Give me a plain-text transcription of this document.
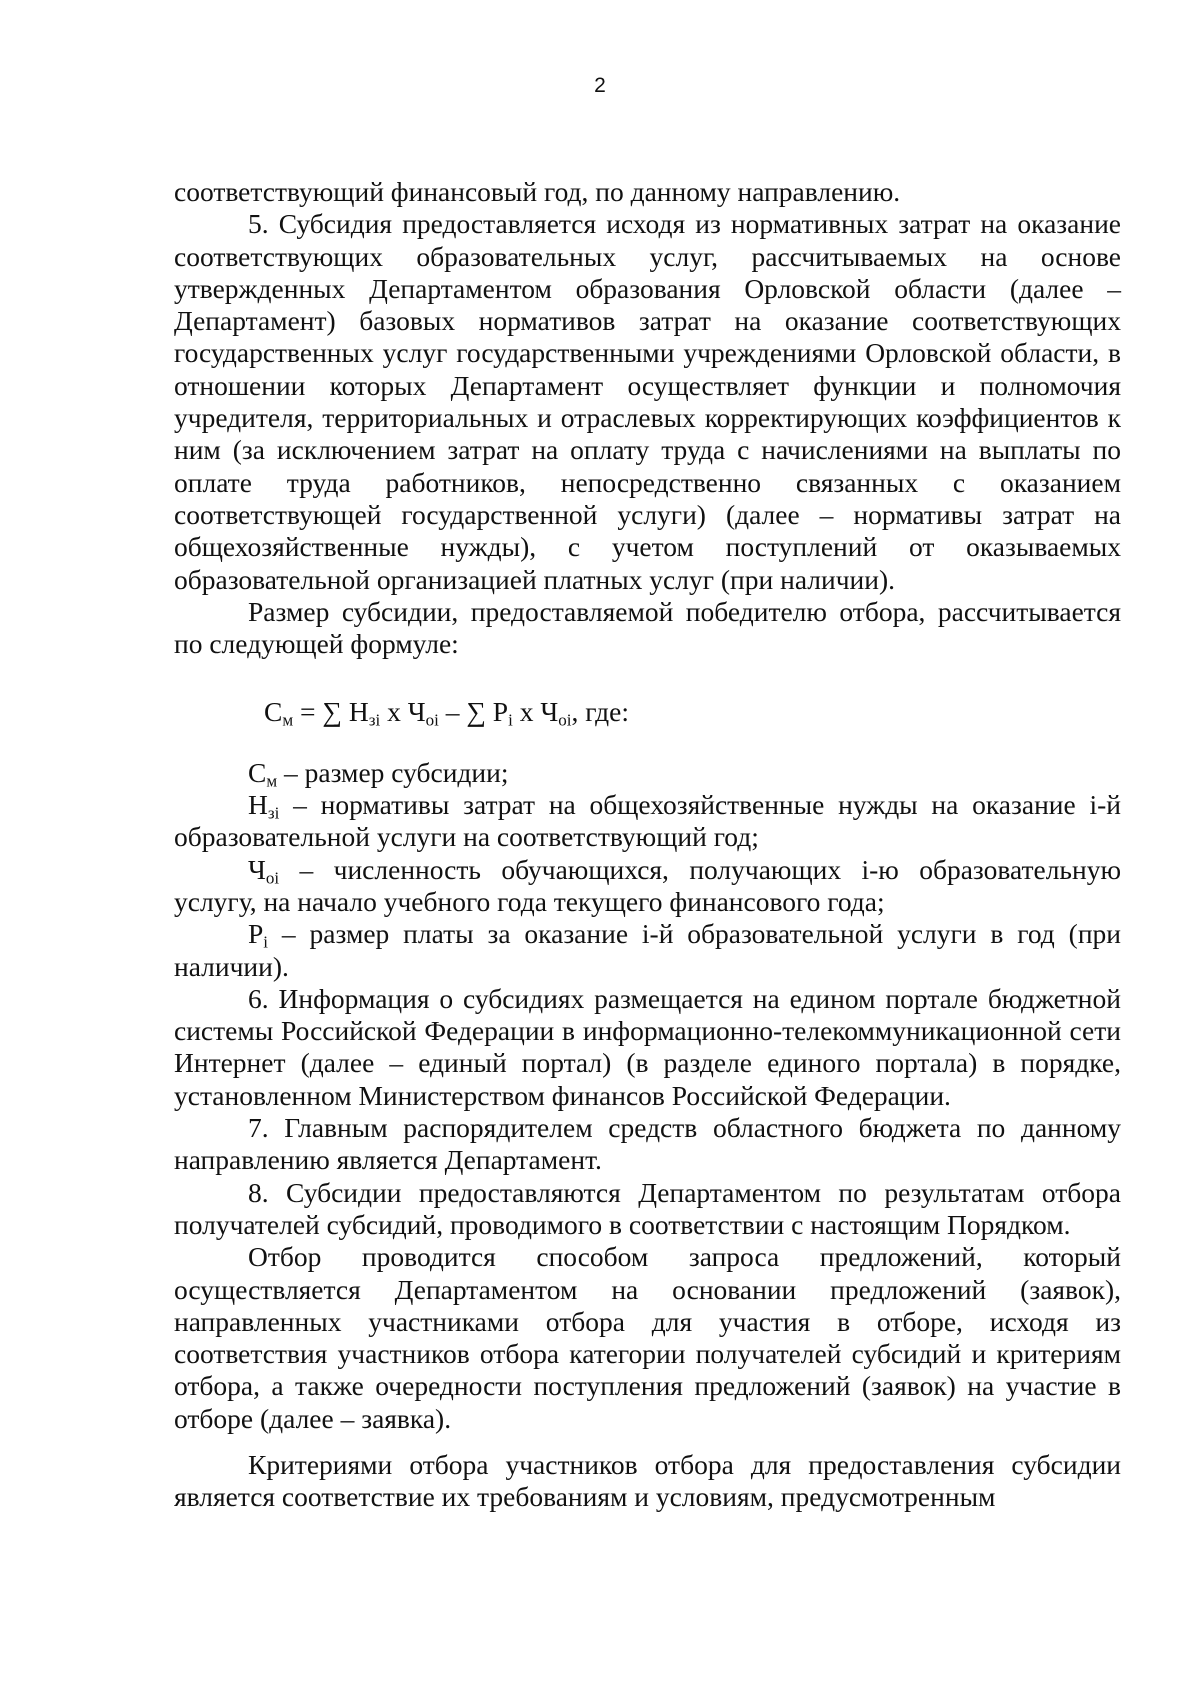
2

соответствующий финансовый год, по данному направлению.

5. Субсидия предоставляется исходя из нормативных затрат на оказание соответствующих образовательных услуг, рассчитываемых на основе утвержденных Департаментом образования Орловской области (далее – Департамент) базовых нормативов затрат на оказание соответствующих государственных услуг государственными учреждениями Орловской области, в отношении которых Департамент осуществляет функции и полномочия учредителя, территориальных и отраслевых корректирующих коэффициентов к ним (за исключением затрат на оплату труда с начислениями на выплаты по оплате труда работников, непосредственно связанных с оказанием соответствующей государственной услуги) (далее – нормативы затрат на общехозяйственные нужды), с учетом поступлений от оказываемых образовательной организацией платных услуг (при наличии).

Размер субсидии, предоставляемой победителю отбора, рассчитывается по следующей формуле:

$С_м$ = ∑ $Н_{зi}$ х $Ч_{оi}$ – ∑ $Р_i$ х $Ч_{оi}$, где:

$С_м$ – размер субсидии;

$Н_{зi}$ – нормативы затрат на общехозяйственные нужды на оказание i-й образовательной услуги на соответствующий год;

$Ч_{оi}$ – численность обучающихся, получающих i-ю образовательную услугу, на начало учебного года текущего финансового года;

$Р_i$ – размер платы за оказание i-й образовательной услуги в год (при наличии).

6. Информация о субсидиях размещается на едином портале бюджетной системы Российской Федерации в информационно-телекоммуникационной сети Интернет (далее – единый портал) (в разделе единого портала) в порядке, установленном Министерством финансов Российской Федерации.

7. Главным распорядителем средств областного бюджета по данному направлению является Департамент.

8. Субсидии предоставляются Департаментом по результатам отбора получателей субсидий, проводимого в соответствии с настоящим Порядком.

Отбор проводится способом запроса предложений, который осуществляется Департаментом на основании предложений (заявок), направленных участниками отбора для участия в отборе, исходя из соответствия участников отбора категории получателей субсидий и критериям отбора, а также очередности поступления предложений (заявок) на участие в отборе (далее – заявка).

Критериями отбора участников отбора для предоставления субсидии является соответствие их требованиям и условиям, предусмотренным
